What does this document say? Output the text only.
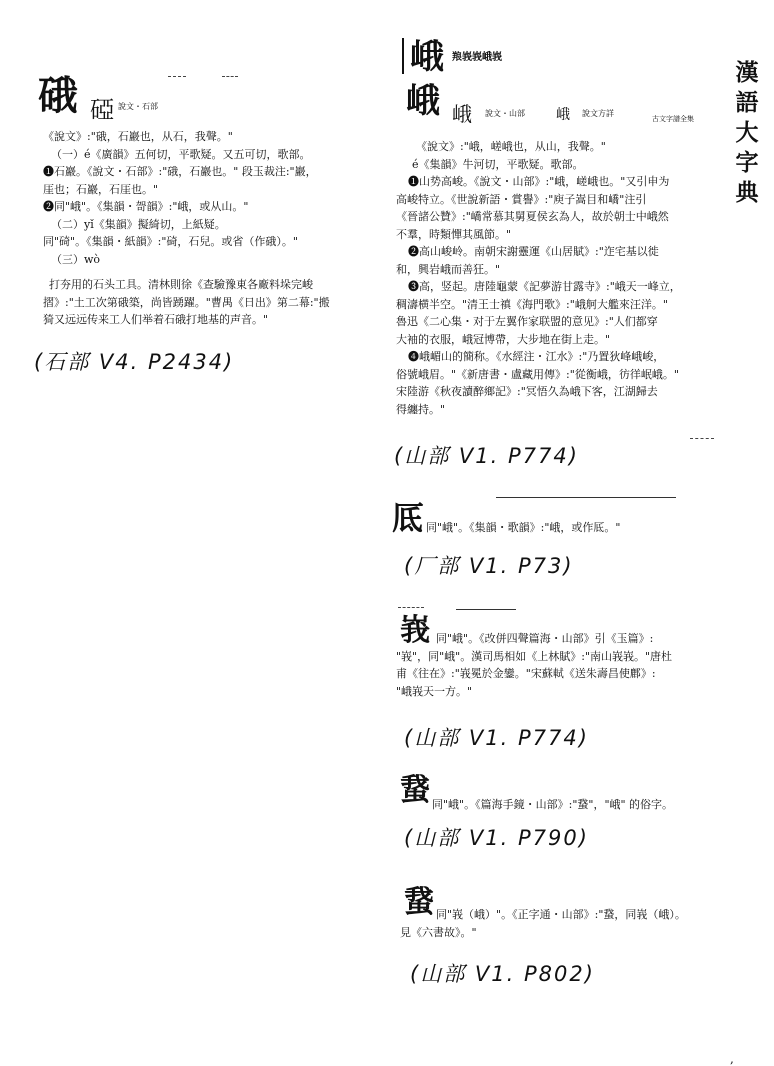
漢語大字典
硪 䃁 說文・石部
《說文》:"硪，石巖也，从石，我聲。"
（一）é《廣韻》五何切，平歌疑。又五可切，歌部。
❶石巖。《說文・石部》:"硪，石巖也。" 段玉裁注:"巖，
厓也；石巖，石厓也。"
❷同"峨"。《集韻・哿韻》:"峨，或从山。"
（二）yǐ《集韻》擬綺切，上紙疑。
同"碕"。《集韻・紙韻》:"碕，石兒。或省（作硪）。"
（三）wò
打夯用的石头工具。清林則徐《查驗豫東各廠料垛完峻
摺》:"土工次第硪築，尚皆踴躍。"曹禺《日出》第二幕:"搬
猗又远远传来工人们举着石硪打地基的声音。"
(石部 V4. P2434)
峨 羪峩峩峨峩
峨 峨 說文・山部 峨 說文方詳
古文字譜全集
《說文》:"峨，嵯峨也，从山，我聲。"
é《集韻》牛河切，平歌疑。歌部。
❶山势高峻。《說文・山部》:"峨，嵯峨也。"又引申为
高峻特立。《世說新語・賞譽》:"庾子嵩目和嶠"注引
《晉諸公贊》:"嶠常慕其舅夏侯玄為人，故於朝士中峨然
不羣，時類憚其風節。"
❷高山峻岭。南朝宋謝靈運《山居賦》:"迮宅基以徙
和，興岩峨而善狂。"
❸高，竖起。唐陸龜蒙《記夢游甘露寺》:"峨天一峰立，
稠濤横半空。"清王士禛《海門歌》:"峨舸大艦來汪洋。"
魯迅《二心集・对于左翼作家联盟的意见》:"人们都穿
大袖的衣服，峨冠博帶，大步地在街上走。"
❹峨嵋山的簡称。《水經注・江水》:"乃置狄峰峨峻，
俗號峨眉。"《新唐書・盧藏用傳》:"從衡峨，彷徉岷峨。"
宋陸游《秋夜讀醉鄉記》:"冥悟久為峨下客，江湖歸去
得纏持。"
(山部 V1. P774)
厎 同"峨"。《集韻・歌韻》:"峨，或作厎。"
(厂部 V1. P73)
峩 同"峨"。《改併四聲篇海・山部》引《玉篇》:
"峩"，同"峨"。漢司馬相如《上林賦》:"南山峩峩。"唐杜
甫《往在》:"峩冕於金鑾。"宋蘇軾《送朱壽昌使鄜》:
"峨峩天一方。"
(山部 V1. P774)
䖸 同"峨"。《篇海手鏡・山部》:"䖸"，"峨" 的俗字。
(山部 V1. P790)
䖸 同"峩（峨）"。《正字通・山部》:"䖸，同峩（峨）。
見《六書故》。"
(山部 V1. P802)
,
